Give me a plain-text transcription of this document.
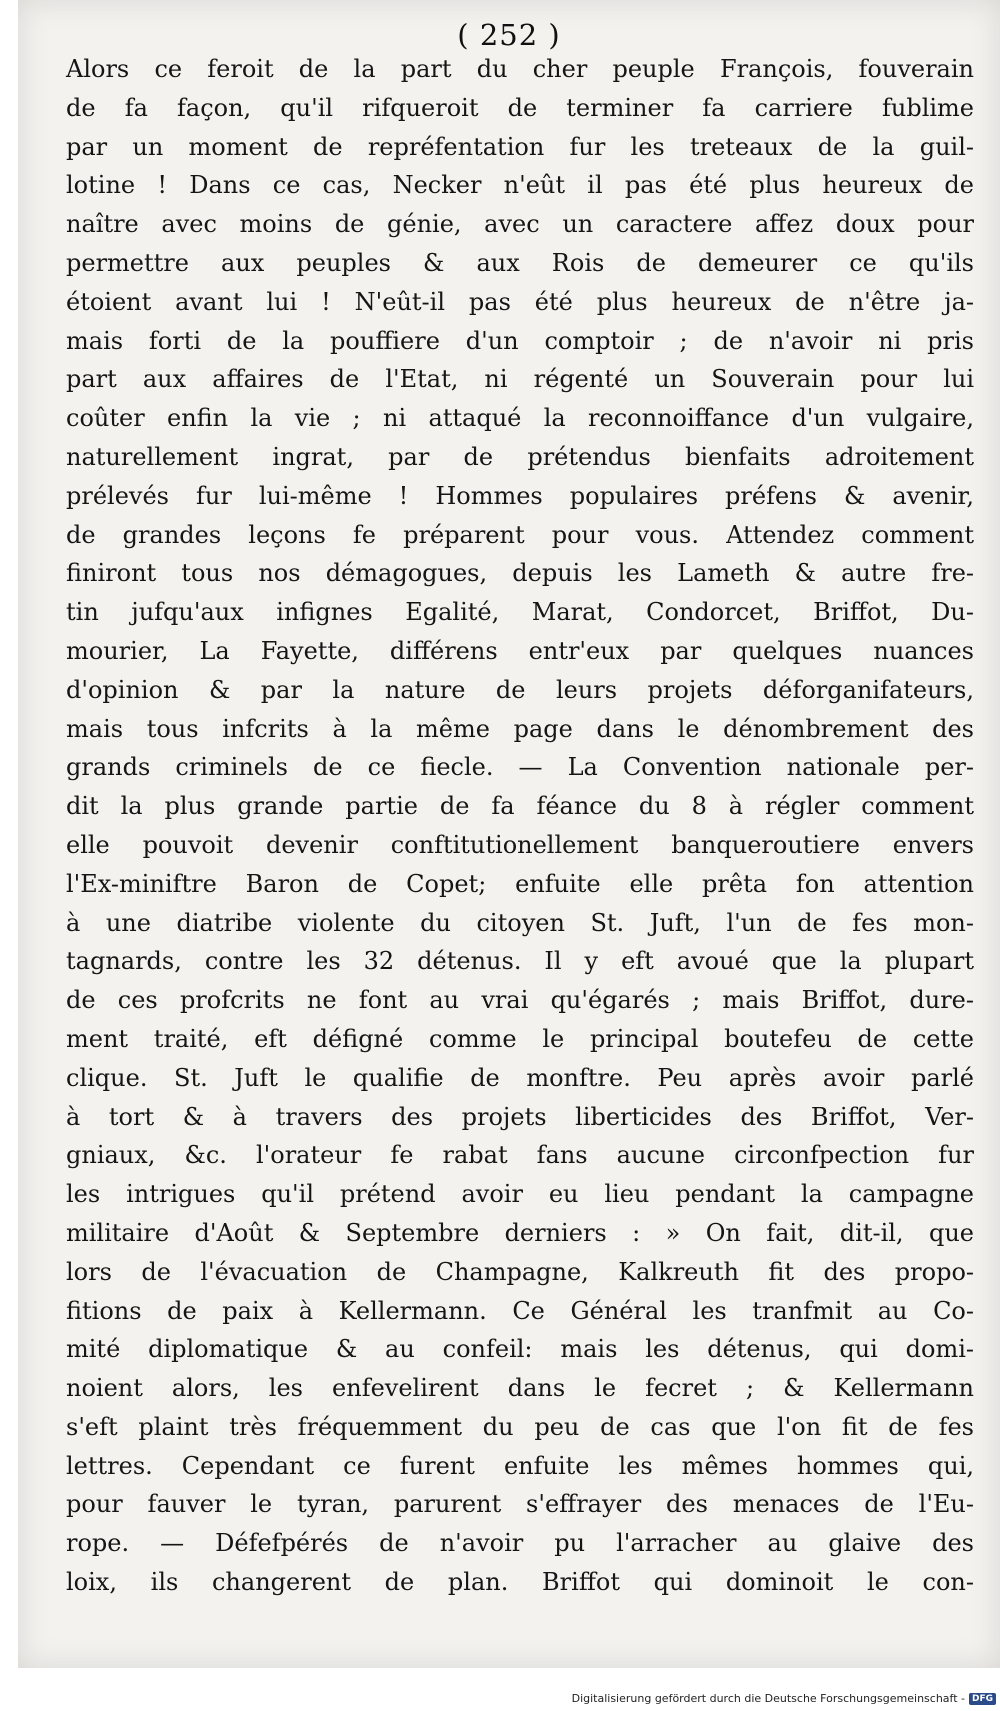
( 252 )
Alors ce feroit de la part du cher peuple François, fouverain
de fa façon, qu'il rifqueroit de terminer fa carriere fublime
par un moment de repréfentation fur les treteaux de la guil-
lotine ! Dans ce cas, Necker n'eût il pas été plus heureux de
naître avec moins de génie, avec un caractere affez doux pour
permettre aux peuples & aux Rois de demeurer ce qu'ils
étoient avant lui ! N'eût-il pas été plus heureux de n'être ja-
mais forti de la pouffiere d'un comptoir ; de n'avoir ni pris
part aux affaires de l'Etat, ni régenté un Souverain pour lui
coûter enfin la vie ; ni attaqué la reconnoiffance d'un vulgaire,
naturellement ingrat, par de prétendus bienfaits adroitement
prélevés fur lui-même ! Hommes populaires préfens & avenir,
de grandes leçons fe préparent pour vous. Attendez comment
finiront tous nos démagogues, depuis les Lameth & autre fre-
tin jufqu'aux infignes Egalité, Marat, Condorcet, Briffot, Du-
mourier, La Fayette, différens entr'eux par quelques nuances
d'opinion & par la nature de leurs projets déforganifateurs,
mais tous infcrits à la même page dans le dénombrement des
grands criminels de ce fiecle. — La Convention nationale per-
dit la plus grande partie de fa féance du 8 à régler comment
elle pouvoit devenir conftitutionellement banqueroutiere envers
l'Ex-miniftre Baron de Copet; enfuite elle prêta fon attention
à une diatribe violente du citoyen St. Juft, l'un de fes mon-
tagnards, contre les 32 détenus. Il y eft avoué que la plupart
de ces profcrits ne font au vrai qu'égarés ; mais Briffot, dure-
ment traité, eft défigné comme le principal boutefeu de cette
clique. St. Juft le qualifie de monftre. Peu après avoir parlé
à tort & à travers des projets liberticides des Briffot, Ver-
gniaux, &c. l'orateur fe rabat fans aucune circonfpection fur
les intrigues qu'il prétend avoir eu lieu pendant la campagne
militaire d'Août & Septembre derniers : » On fait, dit-il, que
lors de l'évacuation de Champagne, Kalkreuth fit des propo-
fitions de paix à Kellermann. Ce Général les tranfmit au Co-
mité diplomatique & au confeil: mais les détenus, qui domi-
noient alors, les enfevelirent dans le fecret ; & Kellermann
s'eft plaint très fréquemment du peu de cas que l'on fit de fes
lettres. Cependant ce furent enfuite les mêmes hommes qui,
pour fauver le tyran, parurent s'effrayer des menaces de l'Eu-
rope. — Défefpérés de n'avoir pu l'arracher au glaive des
loix, ils changerent de plan. Briffot qui dominoit le con-
Digitalisierung gefördert durch die Deutsche Forschungsgemeinschaft - DFG
